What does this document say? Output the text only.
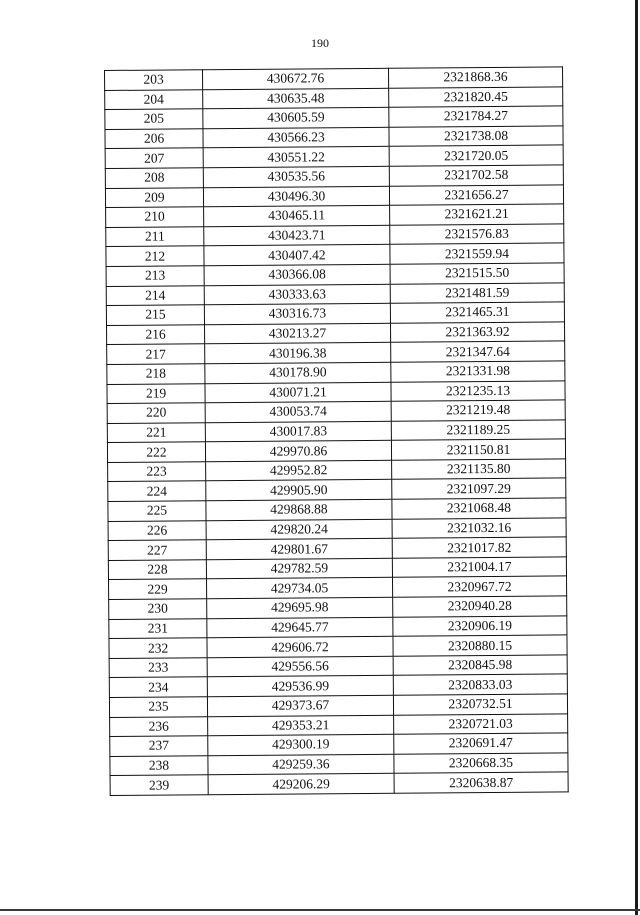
190
203	430672.76	2321868.36
204	430635.48	2321820.45
205	430605.59	2321784.27
206	430566.23	2321738.08
207	430551.22	2321720.05
208	430535.56	2321702.58
209	430496.30	2321656.27
210	430465.11	2321621.21
211	430423.71	2321576.83
212	430407.42	2321559.94
213	430366.08	2321515.50
214	430333.63	2321481.59
215	430316.73	2321465.31
216	430213.27	2321363.92
217	430196.38	2321347.64
218	430178.90	2321331.98
219	430071.21	2321235.13
220	430053.74	2321219.48
221	430017.83	2321189.25
222	429970.86	2321150.81
223	429952.82	2321135.80
224	429905.90	2321097.29
225	429868.88	2321068.48
226	429820.24	2321032.16
227	429801.67	2321017.82
228	429782.59	2321004.17
229	429734.05	2320967.72
230	429695.98	2320940.28
231	429645.77	2320906.19
232	429606.72	2320880.15
233	429556.56	2320845.98
234	429536.99	2320833.03
235	429373.67	2320732.51
236	429353.21	2320721.03
237	429300.19	2320691.47
238	429259.36	2320668.35
239	429206.29	2320638.87
